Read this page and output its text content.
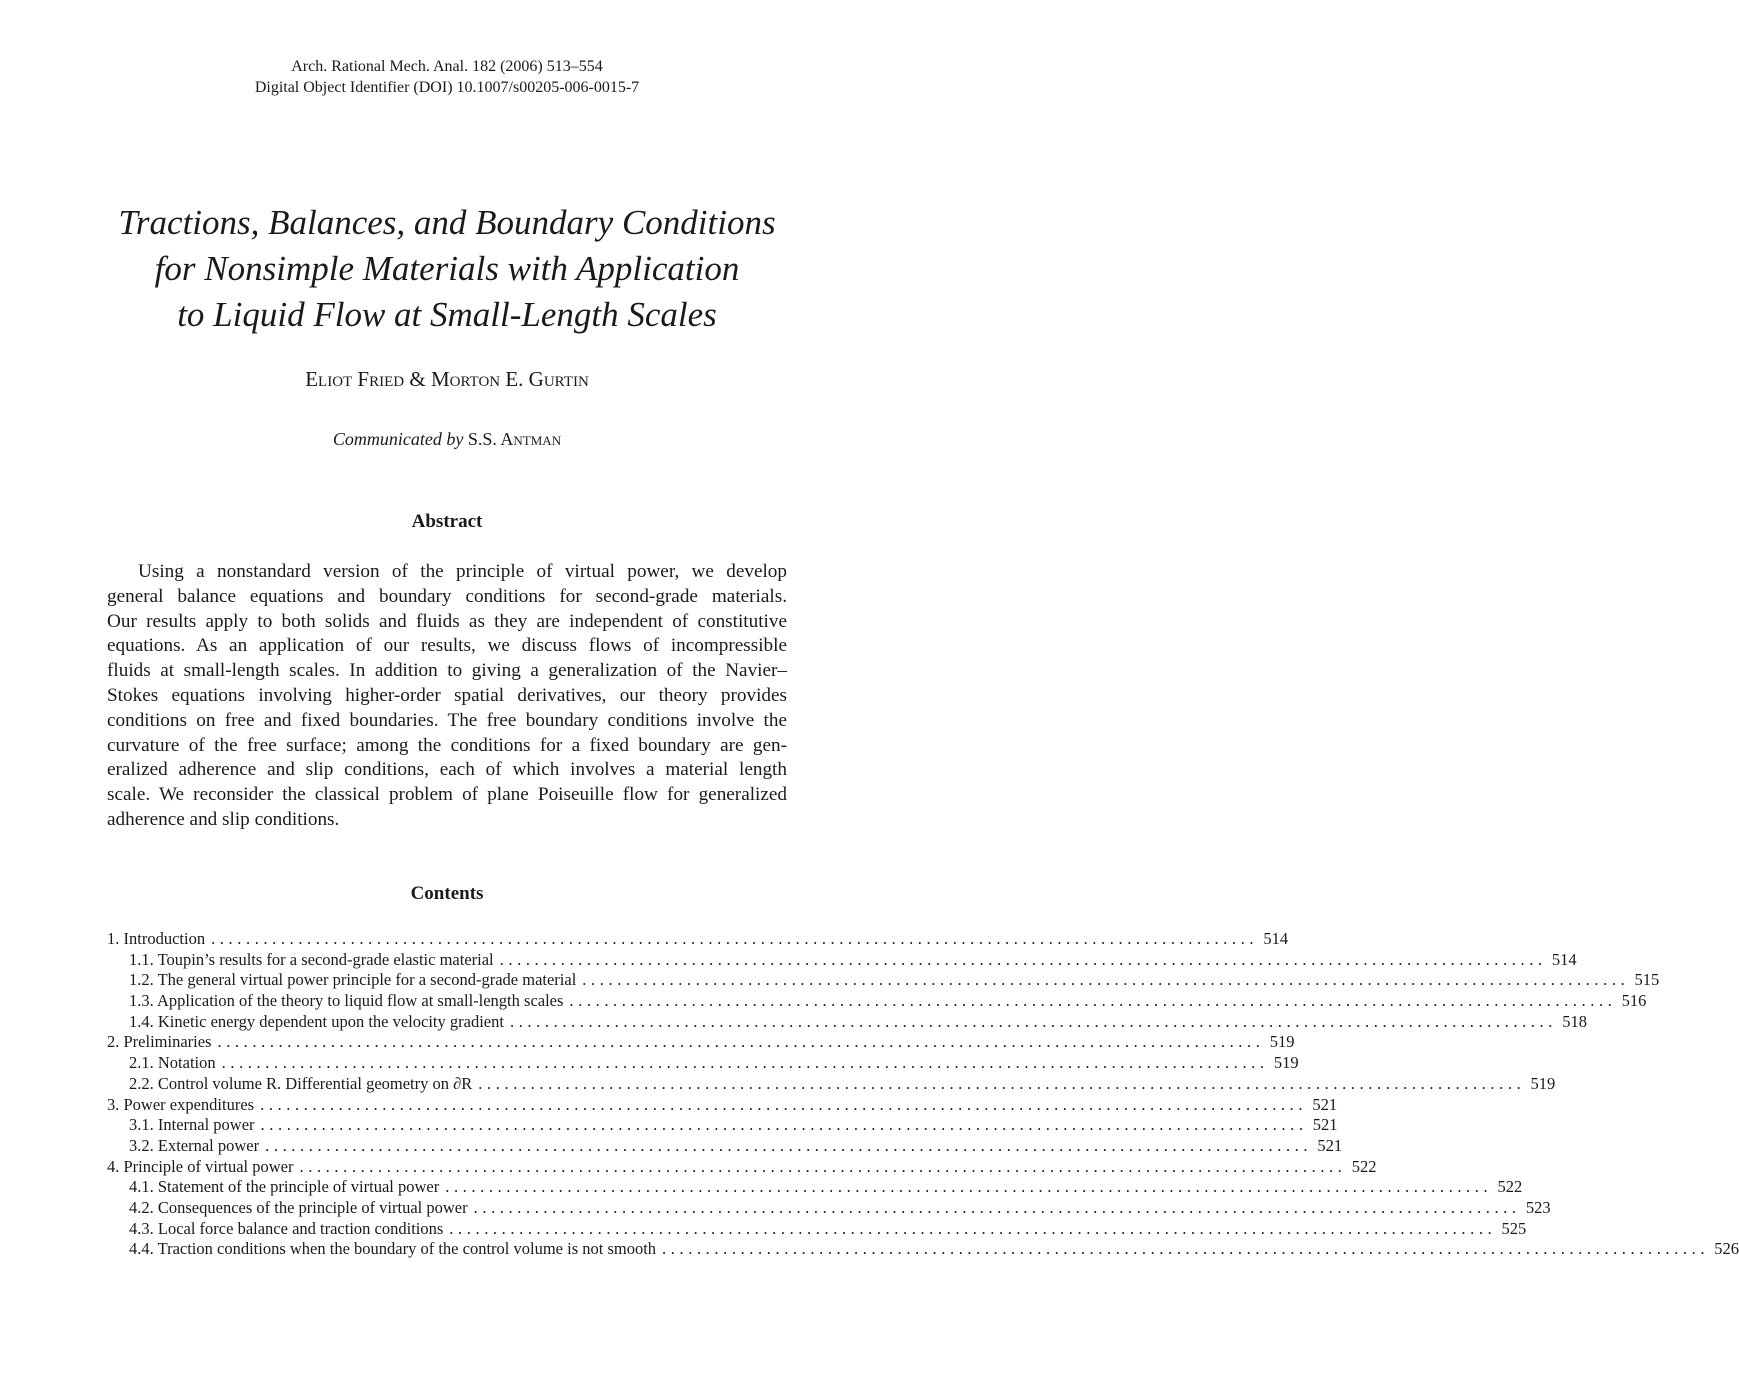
Arch. Rational Mech. Anal. 182 (2006) 513–554
Digital Object Identifier (DOI) 10.1007/s00205-006-0015-7
Tractions, Balances, and Boundary Conditions
for Nonsimple Materials with Application
to Liquid Flow at Small-Length Scales
Eliot Fried & Morton E. Gurtin
Communicated by S.S. Antman
Abstract
Using a nonstandard version of the principle of virtual power, we develop
general balance equations and boundary conditions for second-grade materials.
Our results apply to both solids and fluids as they are independent of constitutive
equations. As an application of our results, we discuss flows of incompressible
fluids at small-length scales. In addition to giving a generalization of the Navier–
Stokes equations involving higher-order spatial derivatives, our theory provides
conditions on free and fixed boundaries. The free boundary conditions involve the
curvature of the free surface; among the conditions for a fixed boundary are gen-
eralized adherence and slip conditions, each of which involves a material length
scale. We reconsider the classical problem of plane Poiseuille flow for generalized
adherence and slip conditions.
Contents
1. Introduction ........................................................................................................................ 514
1.1. Toupin’s results for a second-grade elastic material ........................................................................................................................ 514
1.2. The general virtual power principle for a second-grade material ........................................................................................................................ 515
1.3. Application of the theory to liquid flow at small-length scales ........................................................................................................................ 516
1.4. Kinetic energy dependent upon the velocity gradient ........................................................................................................................ 518
2. Preliminaries ........................................................................................................................ 519
2.1. Notation ........................................................................................................................ 519
2.2. Control volume R. Differential geometry on ∂R ........................................................................................................................ 519
3. Power expenditures ........................................................................................................................ 521
3.1. Internal power ........................................................................................................................ 521
3.2. External power ........................................................................................................................ 521
4. Principle of virtual power ........................................................................................................................ 522
4.1. Statement of the principle of virtual power ........................................................................................................................ 522
4.2. Consequences of the principle of virtual power ........................................................................................................................ 523
4.3. Local force balance and traction conditions ........................................................................................................................ 525
4.4. Traction conditions when the boundary of the control volume is not smooth ........................................................................................................................ 526
